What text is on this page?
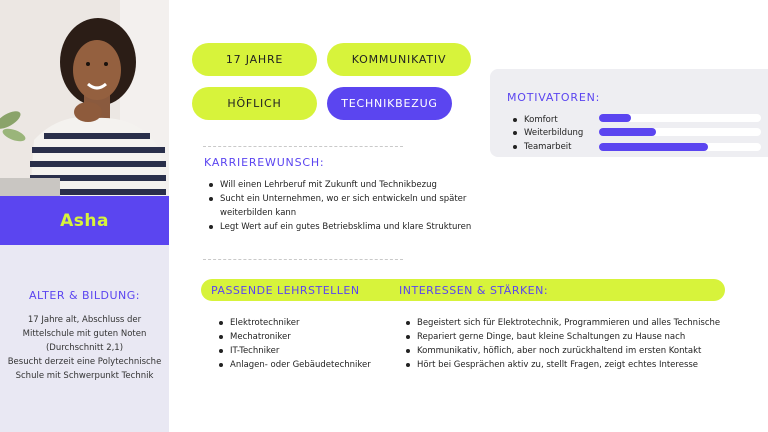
Asha
ALTER & BILDUNG:
17 Jahre alt, Abschluss der
Mittelschule mit guten Noten
(Durchschnitt 2,1)
Besucht derzeit eine Polytechnische
Schule mit Schwerpunkt Technik
17 JAHRE	KOMMUNIKATIV
HÖFLICH	TECHNIKBEZUG	MOTIVATOREN:
Komfort
Weiterbildung
Teamarbeit
KARRIEREWUNSCH:
Will einen Lehrberuf mit Zukunft und Technikbezug
Sucht ein Unternehmen, wo er sich entwickeln und später weiterbilden kann
Legt Wert auf ein gutes Betriebsklima und klare Strukturen
PASSENDE LEHRSTELLEN	INTERESSEN & STÄRKEN:
Elektrotechniker
Mechatroniker
IT-Techniker
Anlagen- oder Gebäudetechniker
Begeistert sich für Elektrotechnik, Programmieren und alles Technische
Repariert gerne Dinge, baut kleine Schaltungen zu Hause nach
Kommunikativ, höflich, aber noch zurückhaltend im ersten Kontakt
Hört bei Gesprächen aktiv zu, stellt Fragen, zeigt echtes Interesse
